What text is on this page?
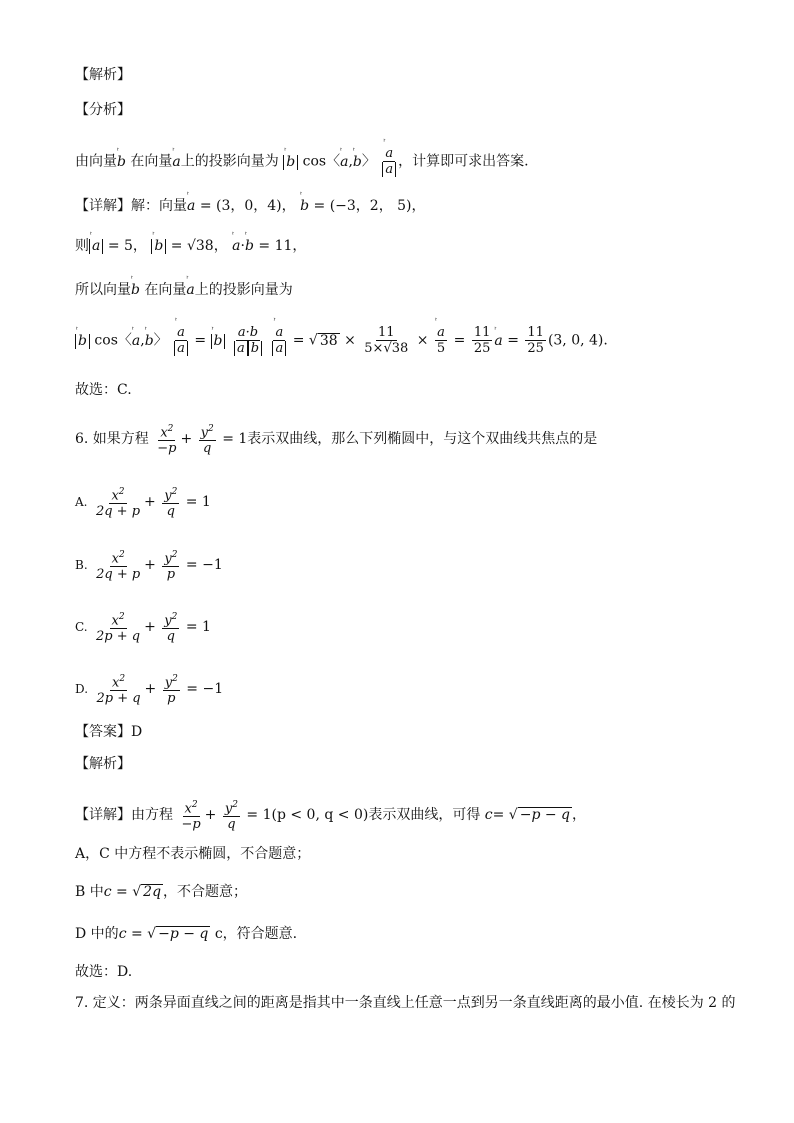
【解析】
【分析】
由向量ͬ b 在向量ͬ a上的投影向量为 ͬ b cos〈ͬ a,ͬ b〉 ͬ $\frac{a}{a}$ ，计算即可求出答案.
【详解】解：向量ͬ a = (3，0，4)， ͬ b = (−3，2， 5)，
则 ͬ a = 5， ͬ b = √38， ͬ a·ͬ b = 11，
所以向量ͬ b 在向量ͬ a上的投影向量为
ͬ b cos〈ͬ a,ͬ b〉 ͬ $\frac{a}{a}$ = ͬ b $\frac{a\cdot b}{\text{a b}}$
ͬ $\frac{a}{a}$ = √ $38 \times \frac{11}{5\times√38}$ × ͬ $\frac{a}{5} = \frac{11}{25}$ ͬ $a = \frac{11}{25} (3$, 0, 4).
故选：C.
6. 如果方程 $\frac{x^2}{-p} + \frac{y^2}{q} = 1$表示双曲线，那么下列椭圆中，与这个双曲线共焦点的是
A. $\frac{x^2}{2q + p} + \frac{y^2}{q} = 1$
B. $\frac{x^2}{2q + p} + \frac{y^2}{p} = -1$
C. $\frac{x^2}{2p + q} + \frac{y^2}{q} = 1$
D. $\frac{x^2}{2p + q} + \frac{y^2}{p} = -1$
【答案】D
【解析】
【详解】由方程 $\frac{x^2}{-p} + \frac{y^2}{q} = 1(p < 0$, q < 0)表示双曲线，可得 c= √ −p − q ，
A，C 中方程不表示椭圆，不合题意；
B 中c = √ 2q ，不合题意；
D 中的c = √ −p − q c，符合题意.
故选：D.
7. 定义：两条异面直线之间的距离是指其中一条直线上任意一点到另一条直线距离的最小值. 在棱长为 2 的
